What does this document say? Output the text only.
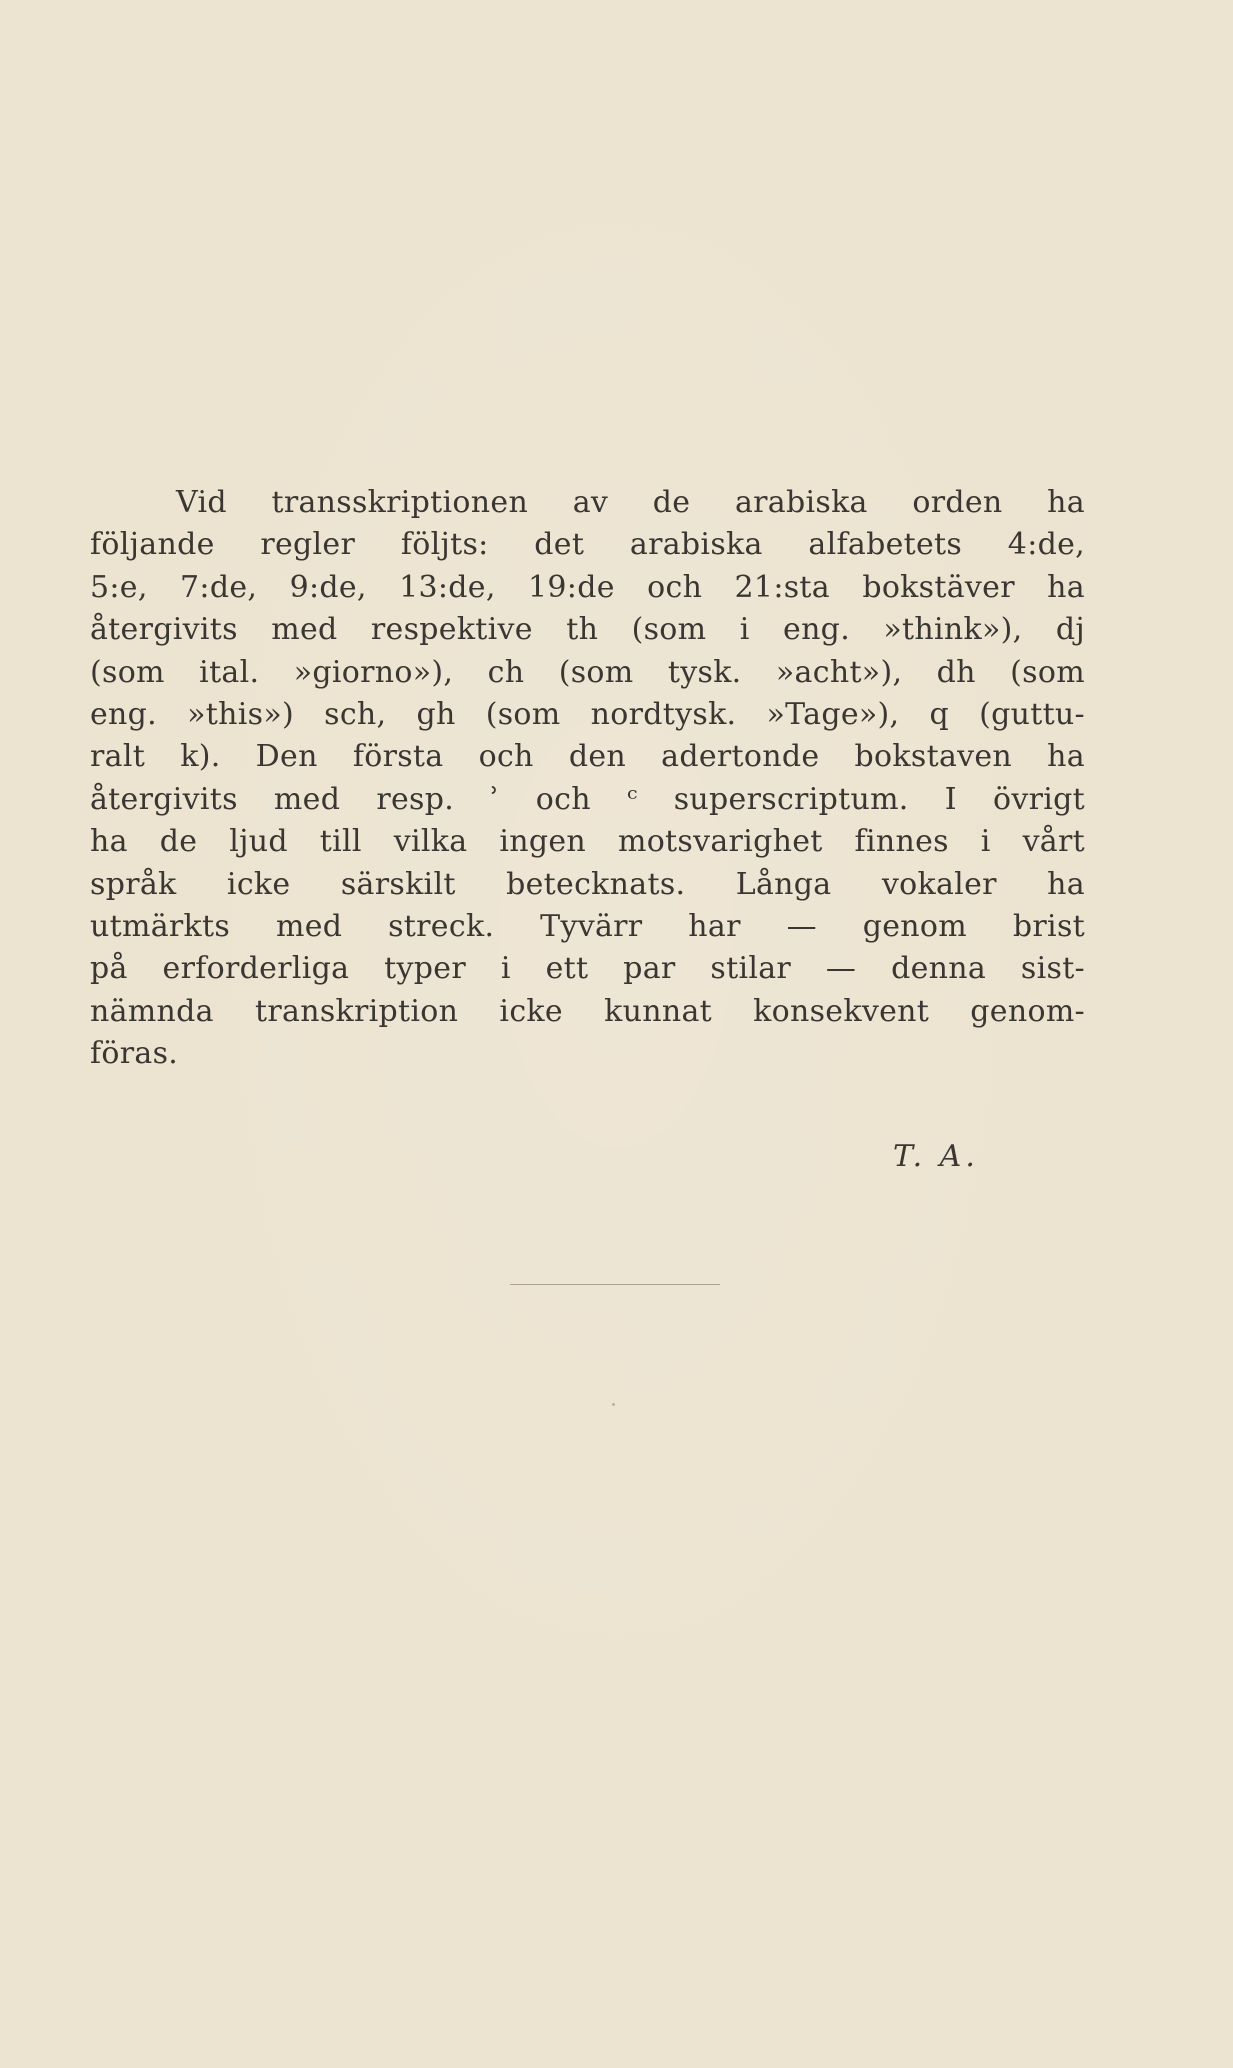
Vid transskriptionen av de arabiska orden ha
följande regler följts: det arabiska alfabetets 4:de,
5:e, 7:de, 9:de, 13:de, 19:de och 21:sta bokstäver ha
återgivits med respektive th (som i eng. »think»), dj
(som ital. »giorno»), ch (som tysk. »acht»), dh (som
eng. »this») sch, gh (som nordtysk. »Tage»), q (guttu-
ralt k). Den första och den adertonde bokstaven ha
återgivits med resp. ʾ och ᶜ superscriptum. I övrigt
ha de ljud till vilka ingen motsvarighet finnes i vårt
språk icke särskilt betecknats. Långa vokaler ha
utmärkts med streck. Tyvärr har — genom brist
på erforderliga typer i ett par stilar — denna sist-
nämnda transkription icke kunnat konsekvent genom-
föras.
T. A.
